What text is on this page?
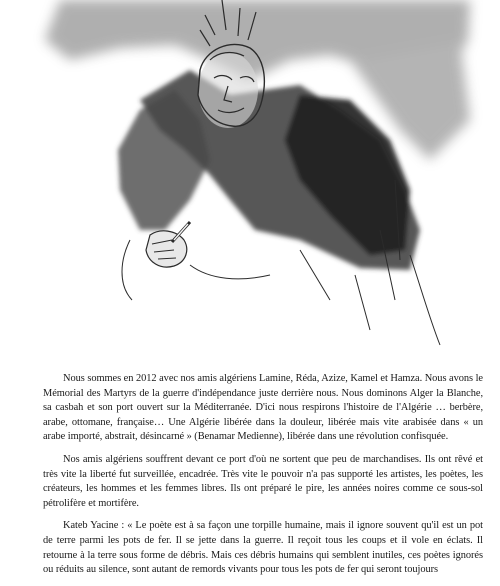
Nous sommes en 2012 avec nos amis algériens Lamine, Réda, Azize, Kamel et Hamza. Nous avons le Mémorial des Martyrs de la guerre d'indépendance juste derrière nous. Nous dominons Alger la Blanche, sa casbah et son port ouvert sur la Méditerranée. D'ici nous respirons l'histoire de l'Algérie … berbère, arabe, ottomane, française… Une Algérie libérée dans la douleur, libérée mais vite arabisée dans « un arabe importé, abstrait, désincarné » (Benamar Medienne), libérée dans une révolution confisquée.

Nos amis algériens souffrent devant ce port d'où ne sortent que peu de marchandises. Ils ont rêvé et très vite la liberté fut surveillée, encadrée. Très vite le pouvoir n'a pas supporté les artistes, les poètes, les créateurs, les hommes et les femmes libres. Ils ont préparé le pire, les années noires comme ce sous-sol pétrolifère et mortifère.

Kateb Yacine : « Le poète est à sa façon une torpille humaine, mais il ignore souvent qu'il est un pot de terre parmi les pots de fer. Il se jette dans la guerre. Il reçoit tous les coups et il vole en éclats. Il retourne à la terre sous forme de débris. Mais ces débris humains qui semblent inutiles, ces poètes ignorés ou réduits au silence, sont autant de remords vivants pour tous les pots de fer qui seront toujours
